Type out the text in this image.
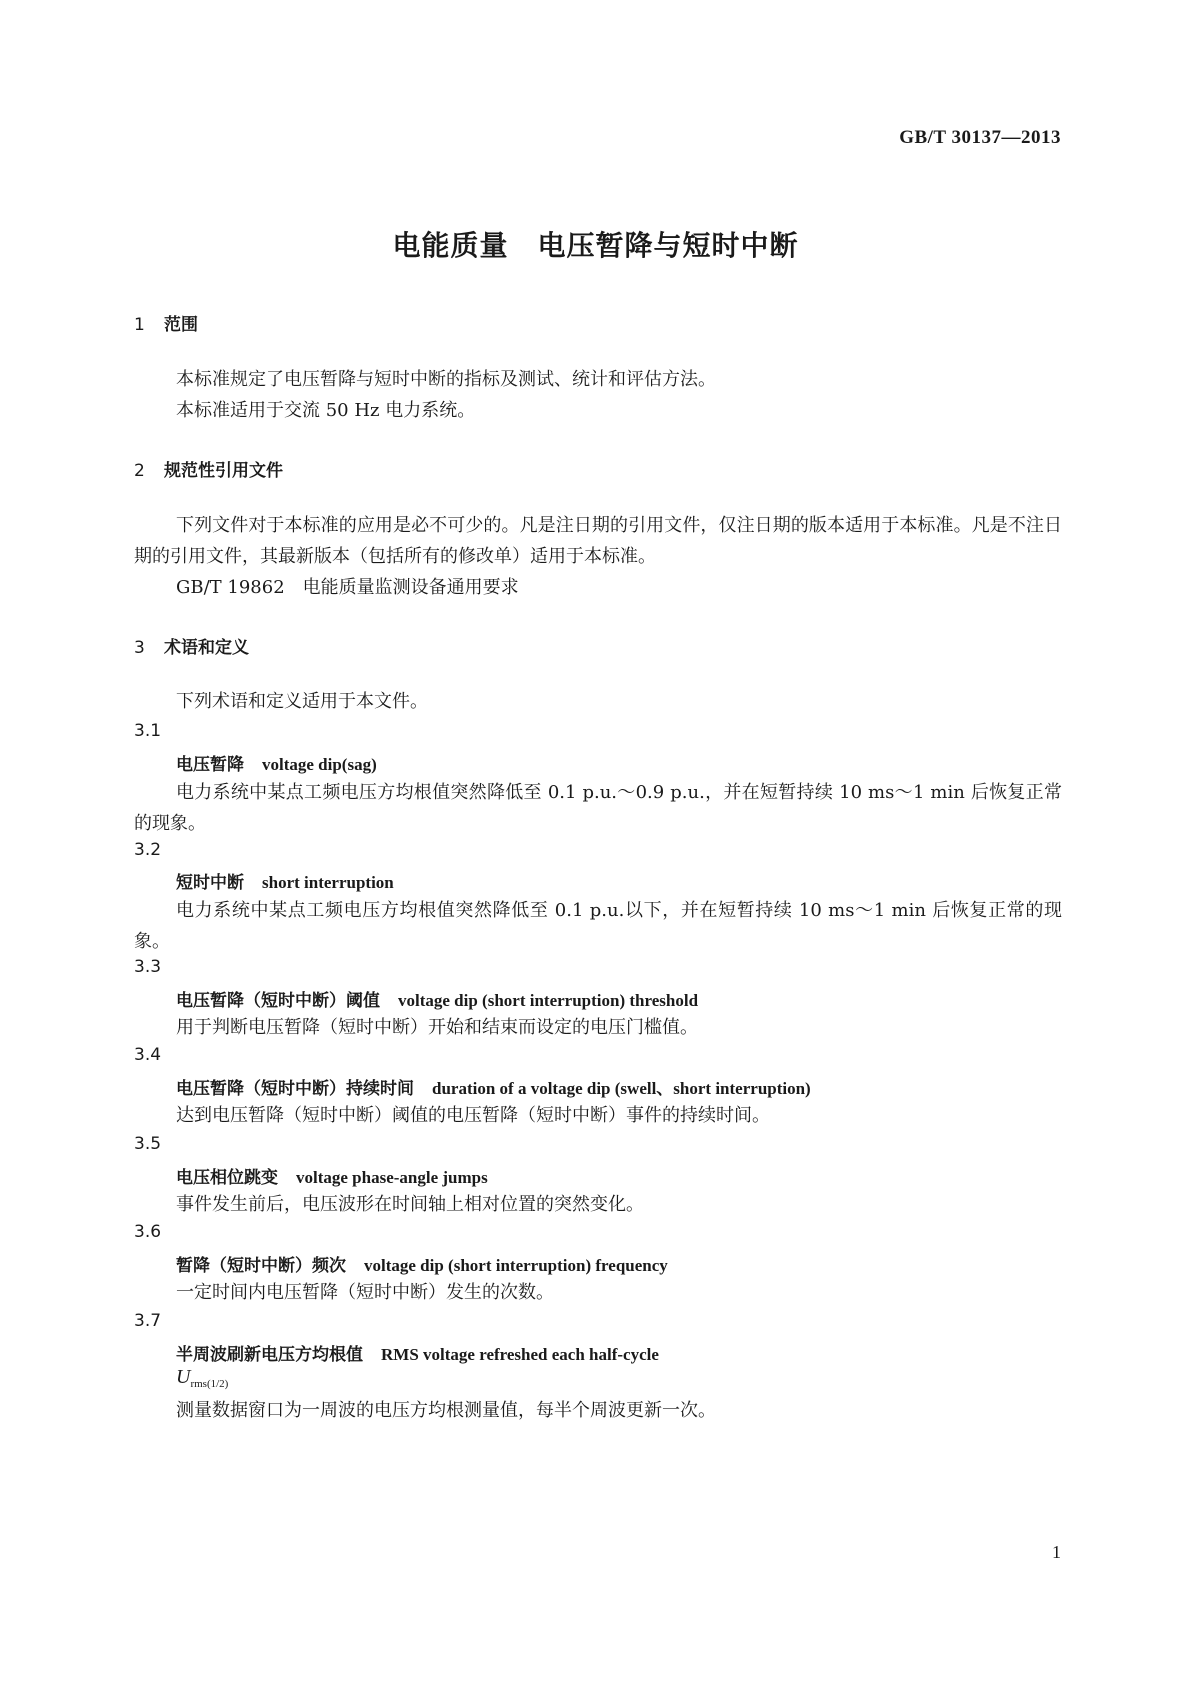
GB/T 30137—2013

电能质量　电压暂降与短时中断
1 范围

本标准规定了电压暂降与短时中断的指标及测试、统计和评估方法。

本标准适用于交流 50 Hz 电力系统。

2 规范性引用文件

下列文件对于本标准的应用是必不可少的。凡是注日期的引用文件，仅注日期的版本适用于本标准。凡是不注日期的引用文件，其最新版本（包括所有的修改单）适用于本标准。

GB/T 19862　电能质量监测设备通用要求

3 术语和定义

下列术语和定义适用于本文件。

3.1

电压暂降 voltage dip(sag)

电力系统中某点工频电压方均根值突然降低至 0.1 p.u.～0.9 p.u.，并在短暂持续 10 ms～1 min 后恢复正常的现象。

3.2

短时中断 short interruption

电力系统中某点工频电压方均根值突然降低至 0.1 p.u.以下，并在短暂持续 10 ms～1 min 后恢复正常的现象。

3.3

电压暂降（短时中断）阈值 voltage dip (short interruption) threshold

用于判断电压暂降（短时中断）开始和结束而设定的电压门槛值。

3.4

电压暂降（短时中断）持续时间 duration of a voltage dip (swell、short interruption)

达到电压暂降（短时中断）阈值的电压暂降（短时中断）事件的持续时间。

3.5

电压相位跳变 voltage phase-angle jumps

事件发生前后，电压波形在时间轴上相对位置的突然变化。

3.6

暂降（短时中断）频次 voltage dip (short interruption) frequency

一定时间内电压暂降（短时中断）发生的次数。

3.7

半周波刷新电压方均根值 RMS voltage refreshed each half-cycle

$U_{rms(1/2)}$

测量数据窗口为一周波的电压方均根测量值，每半个周波更新一次。

1
